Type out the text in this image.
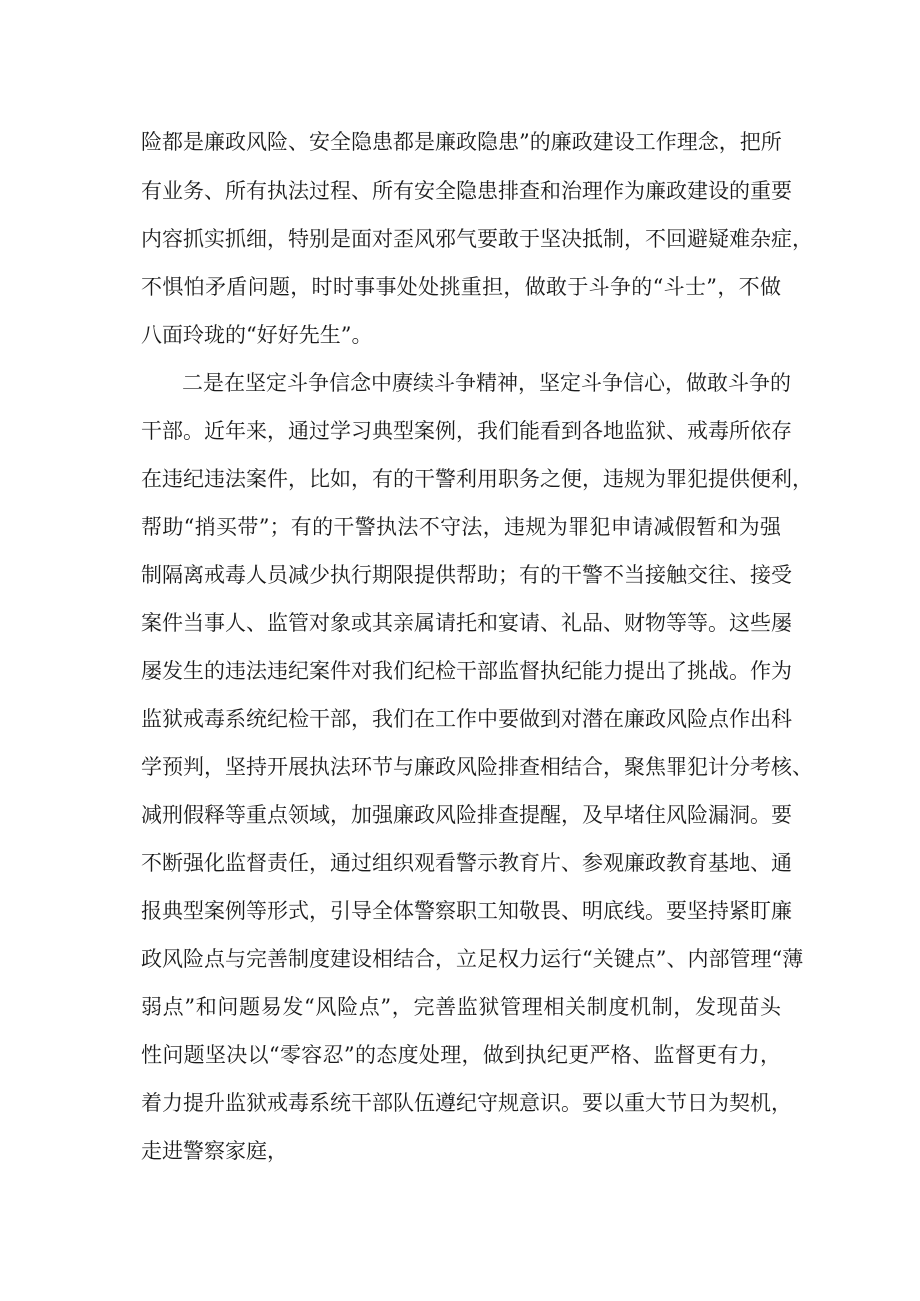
险都是廉政风险、安全隐患都是廉政隐患”的廉政建设工作理念，把所
有业务、所有执法过程、所有安全隐患排查和治理作为廉政建设的重要
内容抓实抓细，特别是面对歪风邪气要敢于坚决抵制，不回避疑难杂症，
不惧怕矛盾问题，时时事事处处挑重担，做敢于斗争的“斗士”，不做
八面玲珑的“好好先生”。
二是在坚定斗争信念中赓续斗争精神，坚定斗争信心，做敢斗争的
干部。近年来，通过学习典型案例，我们能看到各地监狱、戒毒所依存
在违纪违法案件，比如，有的干警利用职务之便，违规为罪犯提供便利，
帮助“捎买带”；有的干警执法不守法，违规为罪犯申请减假暂和为强
制隔离戒毒人员减少执行期限提供帮助；有的干警不当接触交往、接受
案件当事人、监管对象或其亲属请托和宴请、礼品、财物等等。这些屡
屡发生的违法违纪案件对我们纪检干部监督执纪能力提出了挑战。作为
监狱戒毒系统纪检干部，我们在工作中要做到对潜在廉政风险点作出科
学预判，坚持开展执法环节与廉政风险排查相结合，聚焦罪犯计分考核、
减刑假释等重点领域，加强廉政风险排查提醒，及早堵住风险漏洞。要
不断强化监督责任，通过组织观看警示教育片、参观廉政教育基地、通
报典型案例等形式，引导全体警察职工知敬畏、明底线。要坚持紧盯廉
政风险点与完善制度建设相结合，立足权力运行“关键点”、内部管理“薄
弱点”和问题易发“风险点”，完善监狱管理相关制度机制，发现苗头
性问题坚决以“零容忍”的态度处理，做到执纪更严格、监督更有力，
着力提升监狱戒毒系统干部队伍遵纪守规意识。要以重大节日为契机，
走进警察家庭，
